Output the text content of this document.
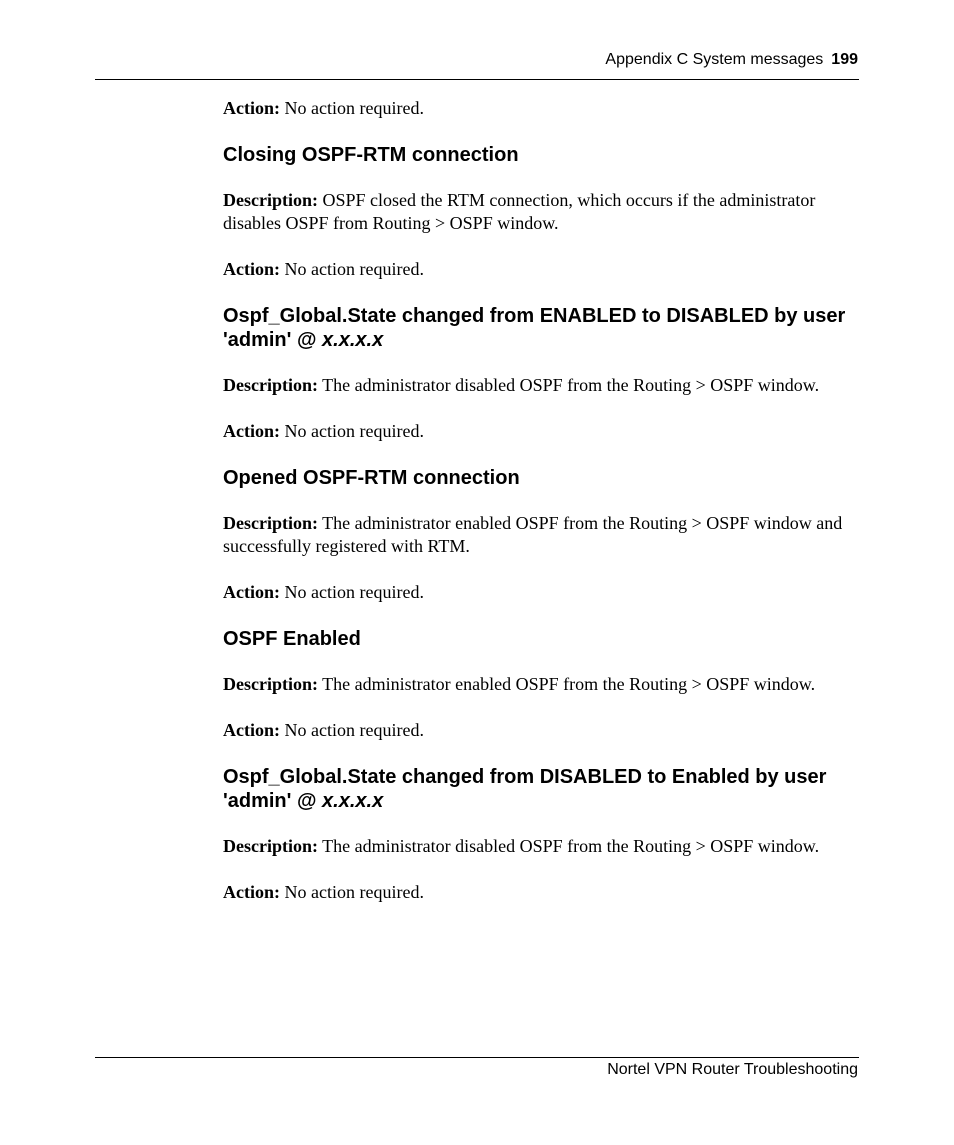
Appendix C System messages 199

Action: No action required.

Closing OSPF-RTM connection

Description: OSPF closed the RTM connection, which occurs if the administrator disables OSPF from Routing > OSPF window.

Action: No action required.

Ospf_Global.State changed from ENABLED to DISABLED by user 'admin' @ x.x.x.x

Description: The administrator disabled OSPF from the Routing > OSPF window.

Action: No action required.

Opened OSPF-RTM connection

Description: The administrator enabled OSPF from the Routing > OSPF window and successfully registered with RTM.

Action: No action required.

OSPF Enabled

Description: The administrator enabled OSPF from the Routing > OSPF window.

Action: No action required.

Ospf_Global.State changed from DISABLED to Enabled by user 'admin' @ x.x.x.x

Description: The administrator disabled OSPF from the Routing > OSPF window.

Action: No action required.

Nortel VPN Router Troubleshooting
